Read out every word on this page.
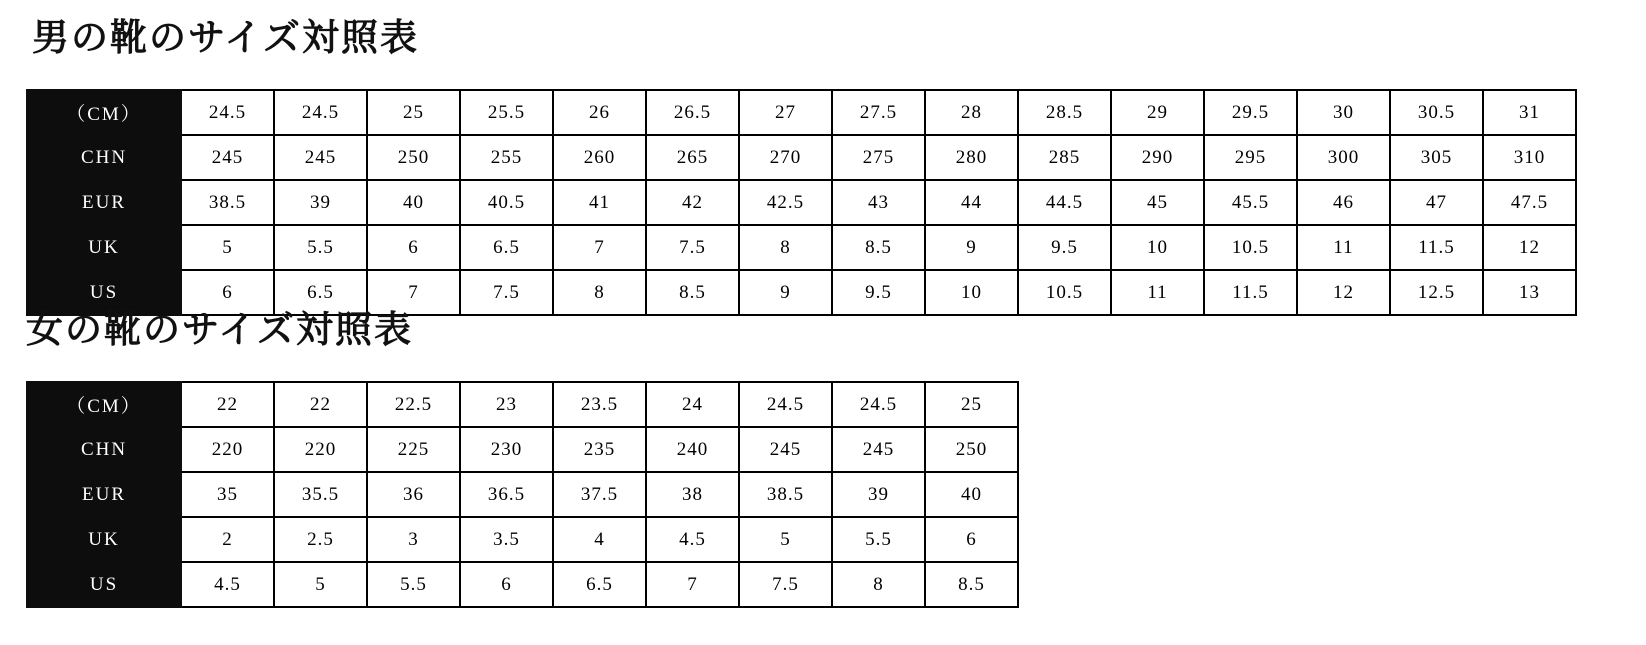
男の靴のサイズ対照表
（CM）	24.5	24.5	25	25.5	26	26.5	27	27.5	28	28.5	29	29.5	30	30.5	31
CHN	245	245	250	255	260	265	270	275	280	285	290	295	300	305	310
EUR	38.5	39	40	40.5	41	42	42.5	43	44	44.5	45	45.5	46	47	47.5
UK	5	5.5	6	6.5	7	7.5	8	8.5	9	9.5	10	10.5	11	11.5	12
US	6	6.5	7	7.5	8	8.5	9	9.5	10	10.5	11	11.5	12	12.5	13
女の靴のサイズ対照表
（CM）	22	22	22.5	23	23.5	24	24.5	24.5	25
CHN	220	220	225	230	235	240	245	245	250
EUR	35	35.5	36	36.5	37.5	38	38.5	39	40
UK	2	2.5	3	3.5	4	4.5	5	5.5	6
US	4.5	5	5.5	6	6.5	7	7.5	8	8.5
